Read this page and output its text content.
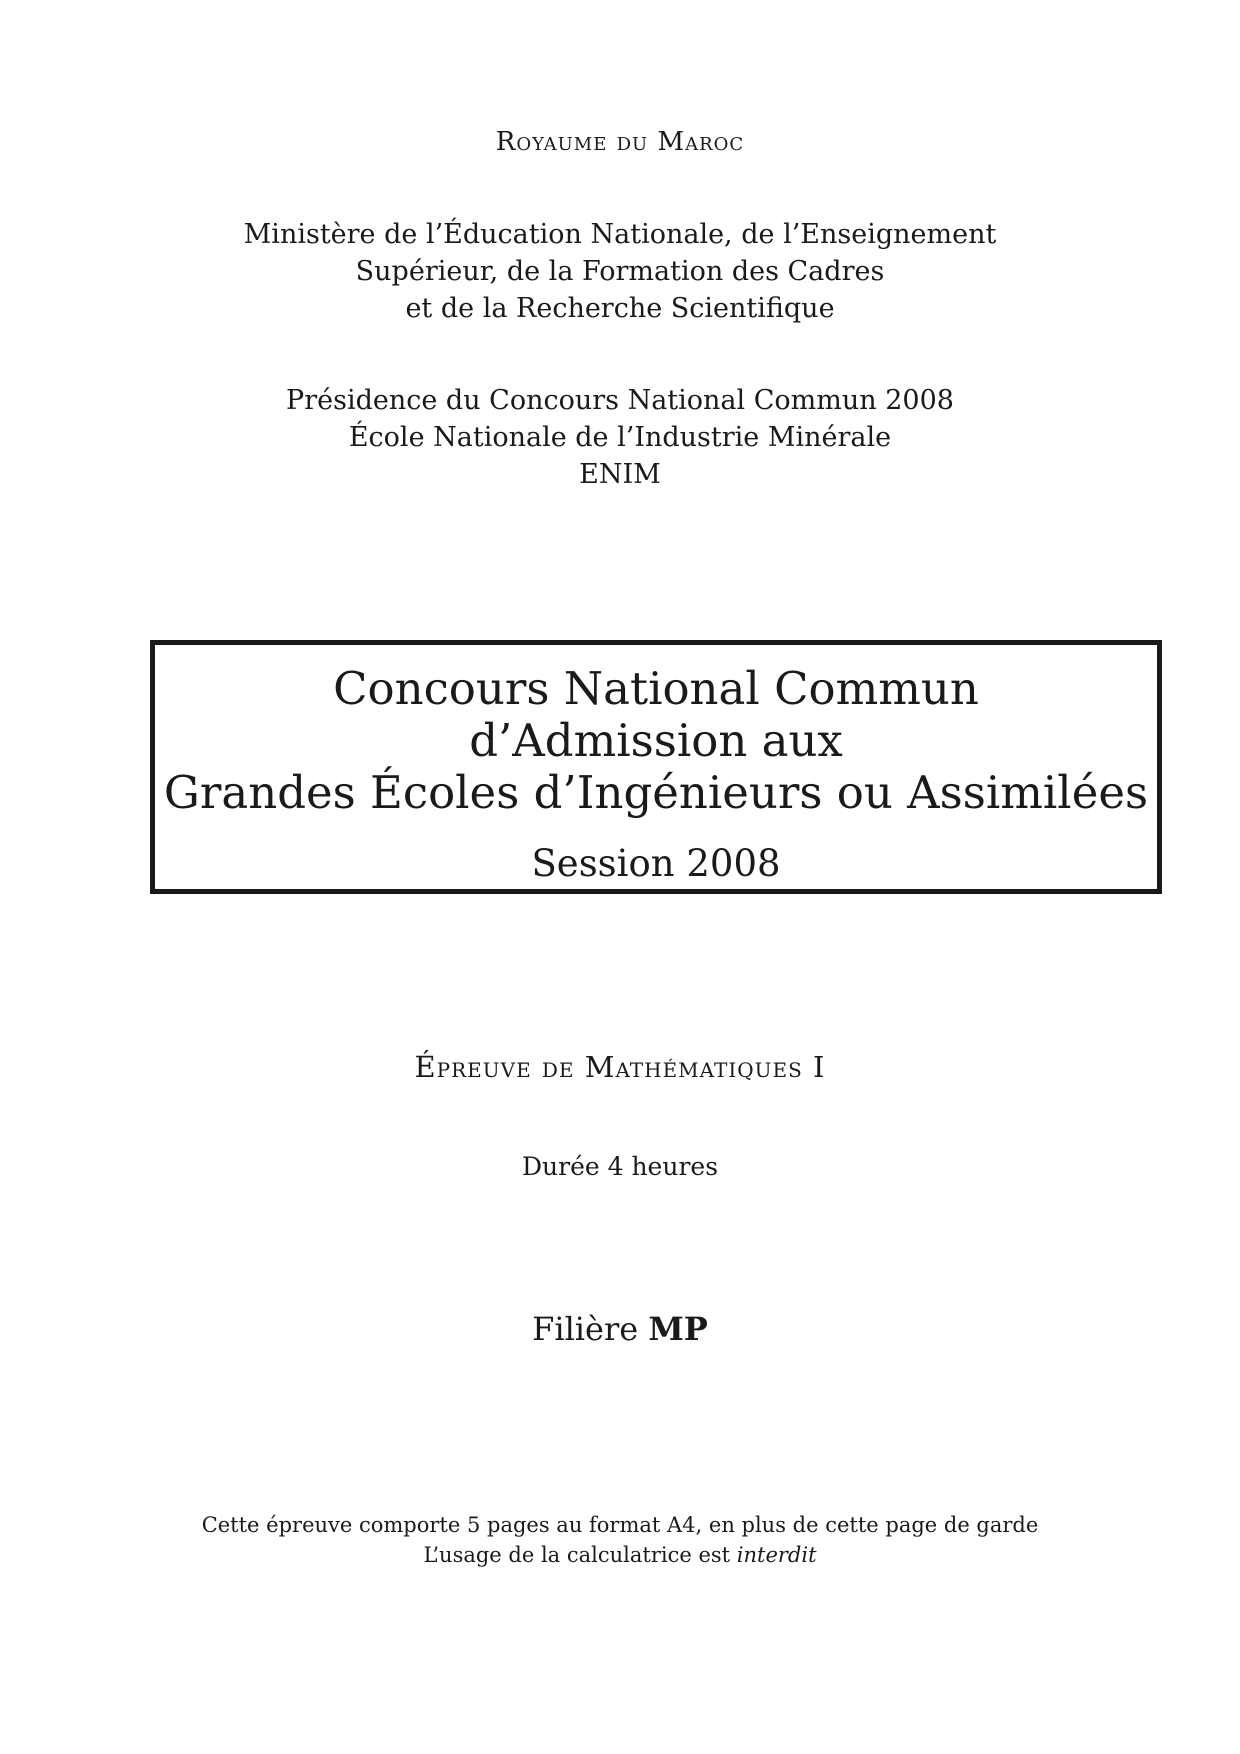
Royaume du Maroc
Ministère de l’Éducation Nationale, de l’Enseignement
Supérieur, de la Formation des Cadres
et de la Recherche Scientifique
Présidence du Concours National Commun 2008
École Nationale de l’Industrie Minérale
ENIM
Concours National Commun
d’Admission aux
Grandes Écoles d’Ingénieurs ou Assimilées
Session 2008
Épreuve de Mathématiques I
Durée 4 heures
Filière MP
Cette épreuve comporte 5 pages au format A4, en plus de cette page de garde
L’usage de la calculatrice est interdit
